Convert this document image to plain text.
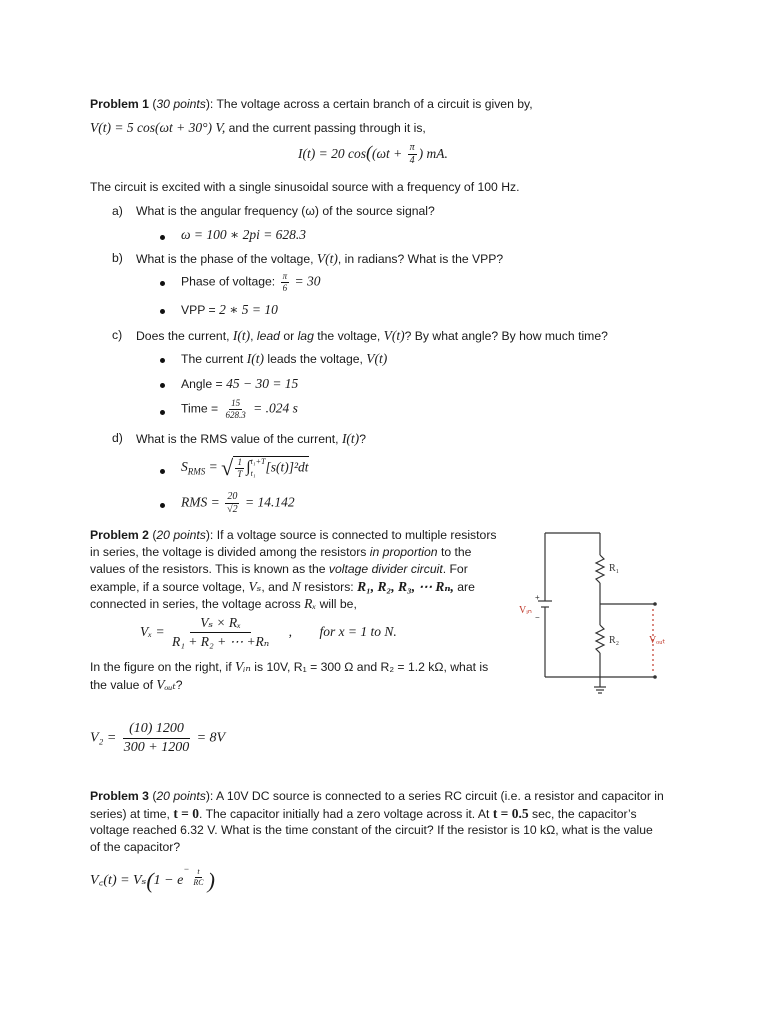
Problem 1 (30 points): The voltage across a certain branch of a circuit is given by,
V(t) = 5 cos(ωt + 30°) V, and the current passing through it is,
I(t) = 20 $\cos((\omega t + \frac{\pi}{4}$ ) mA.
The circuit is excited with a single sinusoidal source with a frequency of 100 Hz.
a) What is the angular frequency (ω) of the source signal?
ω = 100 ∗ 2pi = 628.3
b) What is the phase of the voltage, V(t), in radians? What is the VPP?
Phase of voltage: $\frac{\pi}{6} = 30$
VPP = 2 ∗ 5 = 10
c) Does the current, I(t), lead or lag the voltage, V(t)? By what angle? By how much time?
The current I(t) leads the voltage, V(t)
Angle = 45 − 30 = 15
Time = $\frac{15}{628.3} = .024$ s
d) What is the RMS value of the current, I(t)?
$S_{RMS}$ = √ $\frac{1}{T}$ ∫ t₁+T
t₁ [s(t)]²dt
RMS = $\frac{20}{√2} = 14.142$
Problem 2 (20 points): If a voltage source is connected to multiple resistors
in series, the voltage is divided among the resistors in proportion to the
values of the resistors. This is known as the voltage divider circuit. For
example, if a source voltage, Vₛ, and N resistors: R₁, R₂, R₃, ⋯ Rₙ, are
connected in series, the voltage across Rₓ will be,
$V_x = \frac{\text{Vₛ × Rₓ}}{\text{R₁ + R₂ + ⋯ +Rₙ}}$ , for x = 1 to N.
In the figure on the right, if Vᵢₙ is 10V, R₁ = 300 Ω and R₂ = 1.2 kΩ, what is
the value of Vₒᵤₜ?
$V_2 = \frac{(10) 1200}{300 + 1200} = 8V$
R₁
R₂
Vᵢₙ
+
−
Vₒᵤₜ
Problem 3 (20 points): A 10V DC source is connected to a series RC circuit (i.e. a resistor and capacitor in
series) at time, t = 0. The capacitor initially had a zero voltage across it. At t = 0.5 sec, the capacitor’s
voltage reached 6.32 V. What is the time constant of the circuit? If the resistor is 10 kΩ, what is the value
of the capacitor?
V꜀(t) = $V_s(1 - e^- \frac{t}{RC}$ )
